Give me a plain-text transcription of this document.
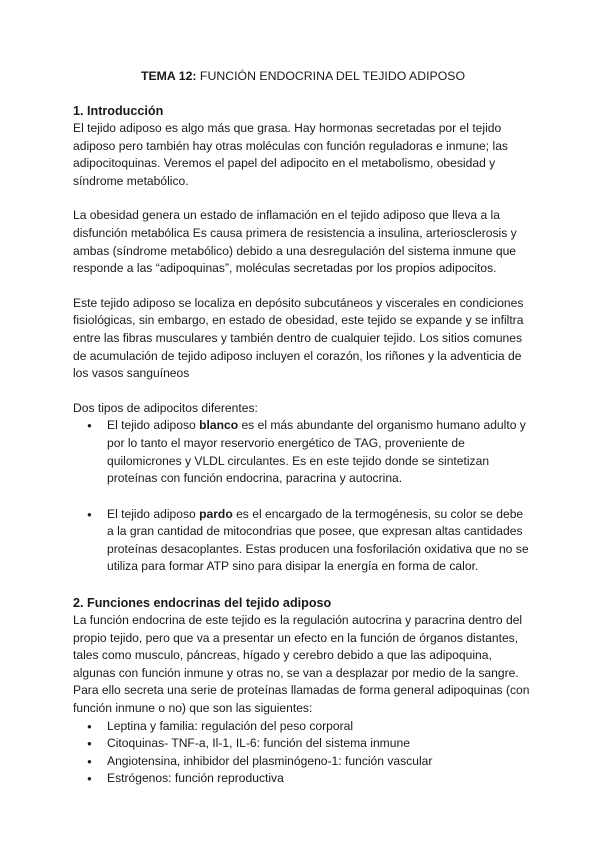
TEMA 12: FUNCIÓN ENDOCRINA DEL TEJIDO ADIPOSO
1. Introducción

El tejido adiposo es algo más que grasa. Hay hormonas secretadas por el tejido adiposo pero también hay otras moléculas con función reguladoras e inmune; las adipocitoquinas. Veremos el papel del adipocito en el metabolismo, obesidad y síndrome metabólico.

La obesidad genera un estado de inflamación en el tejido adiposo que lleva a la disfunción metabólica Es causa primera de resistencia a insulina, arteriosclerosis y ambas (síndrome metabólico) debido a una desregulación del sistema inmune que responde a las “adipoquinas”, moléculas secretadas por los propios adipocitos.

Este tejido adiposo se localiza en depósito subcutáneos y viscerales en condiciones fisiológicas, sin embargo, en estado de obesidad, este tejido se expande y se infiltra entre las fibras musculares y también dentro de cualquier tejido. Los sitios comunes de acumulación de tejido adiposo incluyen el corazón, los riñones y la adventicia de los vasos sanguíneos

Dos tipos de adipocitos diferentes:

● El tejido adiposo blanco es el más abundante del organismo humano adulto y por lo tanto el mayor reservorio energético de TAG, proveniente de quilomicrones y VLDL circulantes. Es en este tejido donde se sintetizan proteínas con función endocrina, paracrina y autocrina.
● El tejido adiposo pardo es el encargado de la termogénesis, su color se debe a la gran cantidad de mitocondrias que posee, que expresan altas cantidades proteínas desacoplantes. Estas producen una fosforilación oxidativa que no se utiliza para formar ATP sino para disipar la energía en forma de calor.
2. Funciones endocrinas del tejido adiposo

La función endocrina de este tejido es la regulación autocrina y paracrina dentro del propio tejido, pero que va a presentar un efecto en la función de órganos distantes, tales como musculo, páncreas, hígado y cerebro debido a que las adipoquina, algunas con función inmune y otras no, se van a desplazar por medio de la sangre. Para ello secreta una serie de proteínas llamadas de forma general adipoquinas (con función inmune o no) que son las siguientes:

● Leptina y familia: regulación del peso corporal
● Citoquinas- TNF-a, Il-1, IL-6: función del sistema inmune
● Angiotensina, inhibidor del plasminógeno-1: función vascular
● Estrógenos: función reproductiva
